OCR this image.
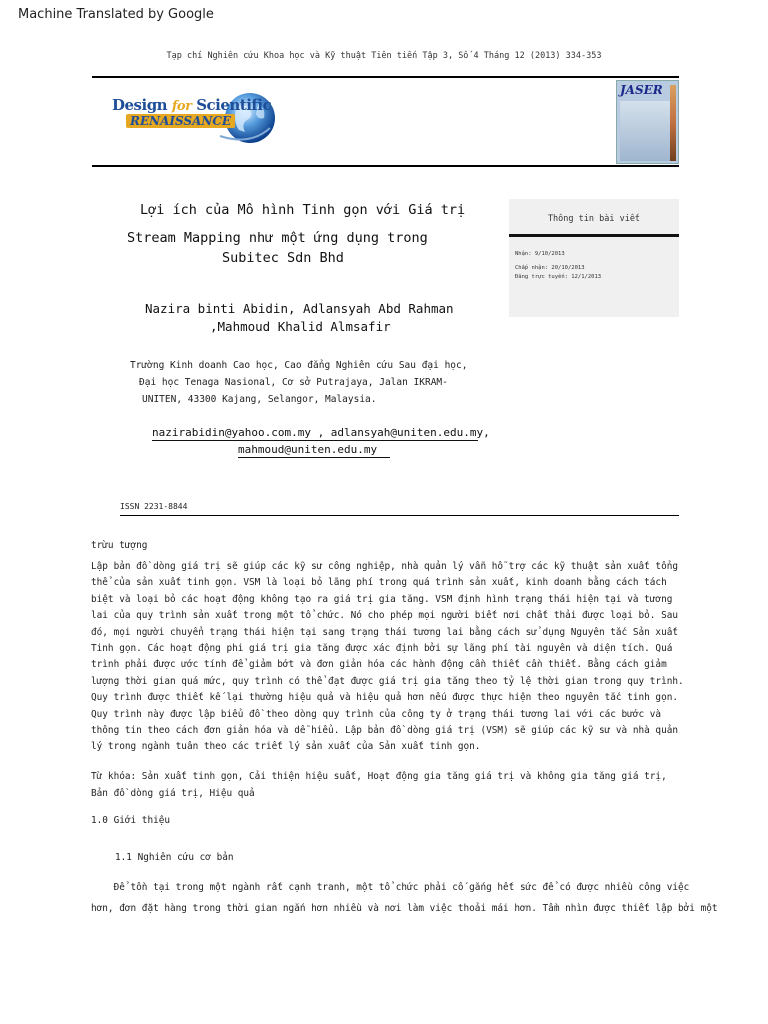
Machine Translated by Google
Tạp chí Nghiên cứu Khoa học và Kỹ thuật Tiên tiến Tập 3, Số 4 Tháng 12 (2013) 334-353
Design for Scientific
RENAISSANCE
JASER
Lợi ích của Mô hình Tinh gọn với Giá trị
Stream Mapping như một ứng dụng trong
Subitec Sdn Bhd
Thông tin bài viết
Nhận: 9/10/2013
Chấp nhận: 20/10/2013
Đăng trực tuyến: 12/1/2013
Nazira binti Abidin, Adlansyah Abd Rahman
,Mahmoud Khalid Almsafir
Trường Kinh doanh Cao học, Cao đẳng Nghiên cứu Sau đại học,
Đại học Tenaga Nasional, Cơ sở Putrajaya, Jalan IKRAM-
UNITEN, 43300 Kajang, Selangor, Malaysia.
nazirabidin@yahoo.com.my , adlansyah@uniten.edu.my,
mahmoud@uniten.edu.my
ISSN 2231-8844
trừu tượng
Lập bản đồ dòng giá trị sẽ giúp các kỹ sư công nghiệp, nhà quản lý vẫn hỗ trợ các kỹ thuật sản xuất tổng
thể của sản xuất tinh gọn. VSM là loại bỏ lãng phí trong quá trình sản xuất, kinh doanh bằng cách tách
biệt và loại bỏ các hoạt động không tạo ra giá trị gia tăng. VSM định hình trạng thái hiện tại và tương
lai của quy trình sản xuất trong một tổ chức. Nó cho phép mọi người biết nơi chất thải được loại bỏ. Sau
đó, mọi người chuyển trạng thái hiện tại sang trạng thái tương lai bằng cách sử dụng Nguyên tắc Sản xuất
Tinh gọn. Các hoạt động phi giá trị gia tăng được xác định bởi sự lãng phí tài nguyên và diện tích. Quá
trình phải được ước tính để giảm bớt và đơn giản hóa các hành động cần thiết cần thiết. Bằng cách giảm
lượng thời gian quá mức, quy trình có thể đạt được giá trị gia tăng theo tỷ lệ thời gian trong quy trình.
Quy trình được thiết kế lại thường hiệu quả và hiệu quả hơn nếu được thực hiện theo nguyên tắc tinh gọn.
Quy trình này được lập biểu đồ theo dòng quy trình của công ty ở trạng thái tương lai với các bước và
thông tin theo cách đơn giản hóa và dễ hiểu. Lập bản đồ dòng giá trị (VSM) sẽ giúp các kỹ sư và nhà quản
lý trong ngành tuân theo các triết lý sản xuất của Sản xuất tinh gọn.
Từ khóa: Sản xuất tinh gọn, Cải thiện hiệu suất, Hoạt động gia tăng giá trị và không gia tăng giá trị,
Bản đồ dòng giá trị, Hiệu quả
1.0 Giới thiệu
1.1 Nghiên cứu cơ bản
Để tồn tại trong một ngành rất cạnh tranh, một tổ chức phải cố gắng hết sức để có được nhiều công việc
hơn, đơn đặt hàng trong thời gian ngắn hơn nhiều và nơi làm việc thoải mái hơn. Tầm nhìn được thiết lập bởi một
